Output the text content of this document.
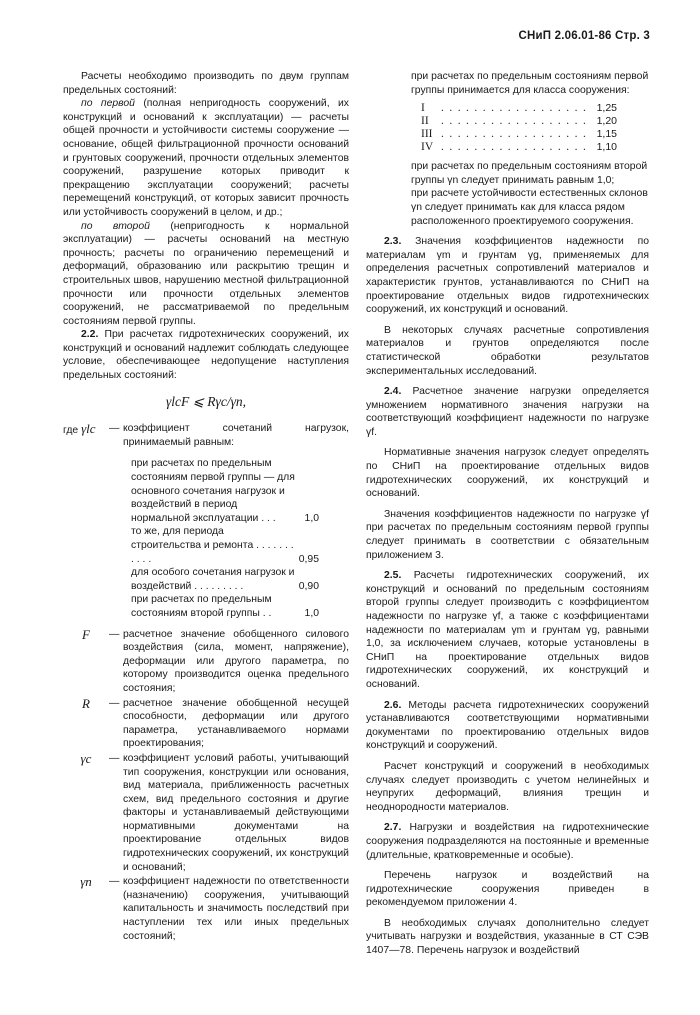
СНиП 2.06.01-86 Стр. 3

Расчеты необходимо производить по двум группам предельных состояний:

по первой (полная непригодность сооружений, их конструкций и оснований к эксплуатации) — расчеты общей прочности и устойчивости системы сооружение — основание, общей фильтрационной прочности оснований и грунтовых сооружений, прочности отдельных элементов сооружений, разрушение которых приводит к прекращению эксплуатации сооружений; расчеты перемещений конструкций, от которых зависит прочность или устойчивость сооружений в целом, и др.;

по второй (непригодность к нормальной эксплуатации) — расчеты оснований на местную прочность; расчеты по ограничению перемещений и деформаций, образованию или раскрытию трещин и строительных швов, нарушению местной фильтрационной прочности или прочности отдельных элементов сооружений, не рассматриваемой по предельным состояниям первой группы.

2.2. При расчетах гидротехнических сооружений, их конструкций и оснований надлежит соблюдать следующее условие, обеспечивающее недопущение наступления предельных состояний:

γlcF ⩽ Rγc/γn,
где γlc	— коэффициент сочетаний нагрузок, принимаемый равным:

при расчетах по предельным состояниям первой группы — для основного сочетания нагрузок и воздействий в период нормальной эксплуатации . . .	1,0

то же, для периода строительства и ремонта . . . . . . . . . . .	0,95

для особого сочетания нагрузок и воздействий . . . . . . . . .	0,90

при расчетах по предельным состояниям второй группы . .	1,0
F	— расчетное значение обобщенного силового воздействия (сила, момент, напряжение), деформации или другого параметра, по которому производится оценка предельного состояния;
R	— расчетное значение обобщенной несущей способности, деформации или другого параметра, устанавливаемого нормами проектирования;
γc	— коэффициент условий работы, учитывающий тип сооружения, конструкции или основания, вид материала, приближенность расчетных схем, вид предельного состояния и другие факторы и устанавливаемый действующими нормативными документами на проектирование отдельных видов гидротехнических сооружений, их конструкций и оснований;
γn	— коэффициент надежности по ответственности (назначению) сооружения, учитывающий капитальность и значимость последствий при наступлении тех или иных предельных состояний;

при расчетах по предельным состояниям первой группы принимается для класса сооружения:

I	. . . . . . . . . . . . . . . . . . 1,25
II	. . . . . . . . . . . . . . . . . . 1,20
III . . . . . . . . . . . . . . . . . . 1,15
IV . . . . . . . . . . . . . . . . . . 1,10

при расчетах по предельным состояниям второй группы γn следует принимать равным 1,0;

при расчете устойчивости естественных склонов γn следует принимать как для класса рядом расположенного проектируемого сооружения.

2.3. Значения коэффициентов надежности по материалам γm и грунтам γg, применяемых для определения расчетных сопротивлений материалов и характеристик грунтов, устанавливаются по СНиП на проектирование отдельных видов гидротехнических сооружений, их конструкций и оснований.

В некоторых случаях расчетные сопротивления материалов и грунтов определяются после статистической обработки результатов экспериментальных исследований.

2.4. Расчетное значение нагрузки определяется умножением нормативного значения нагрузки на соответствующий коэффициент надежности по нагрузке γf.

Нормативные значения нагрузок следует определять по СНиП на проектирование отдельных видов гидротехнических сооружений, их конструкций и оснований.

Значения коэффициентов надежности по нагрузке γf при расчетах по предельным состояниям первой группы следует принимать в соответствии с обязательным приложением 3.

2.5. Расчеты гидротехнических сооружений, их конструкций и оснований по предельным состояниям второй группы следует производить с коэффициентом надежности по нагрузке γf, а также с коэффициентами надежности по материалам γm и грунтам γg, равными 1,0, за исключением случаев, которые установлены в СНиП на проектирование отдельных видов гидротехнических сооружений, их конструкций и оснований.

2.6. Методы расчета гидротехнических сооружений устанавливаются соответствующими нормативными документами по проектированию отдельных видов конструкций и сооружений.

Расчет конструкций и сооружений в необходимых случаях следует производить с учетом нелинейных и неупругих деформаций, влияния трещин и неоднородности материалов.

2.7. Нагрузки и воздействия на гидротехнические сооружения подразделяются на постоянные и временные (длительные, кратковременные и особые).

Перечень нагрузок и воздействий на гидротехнические сооружения приведен в рекомендуемом приложении 4.

В необходимых случаях дополнительно следует учитывать нагрузки и воздействия, указанные в СТ СЭВ 1407—78. Перечень нагрузок и воздействий
